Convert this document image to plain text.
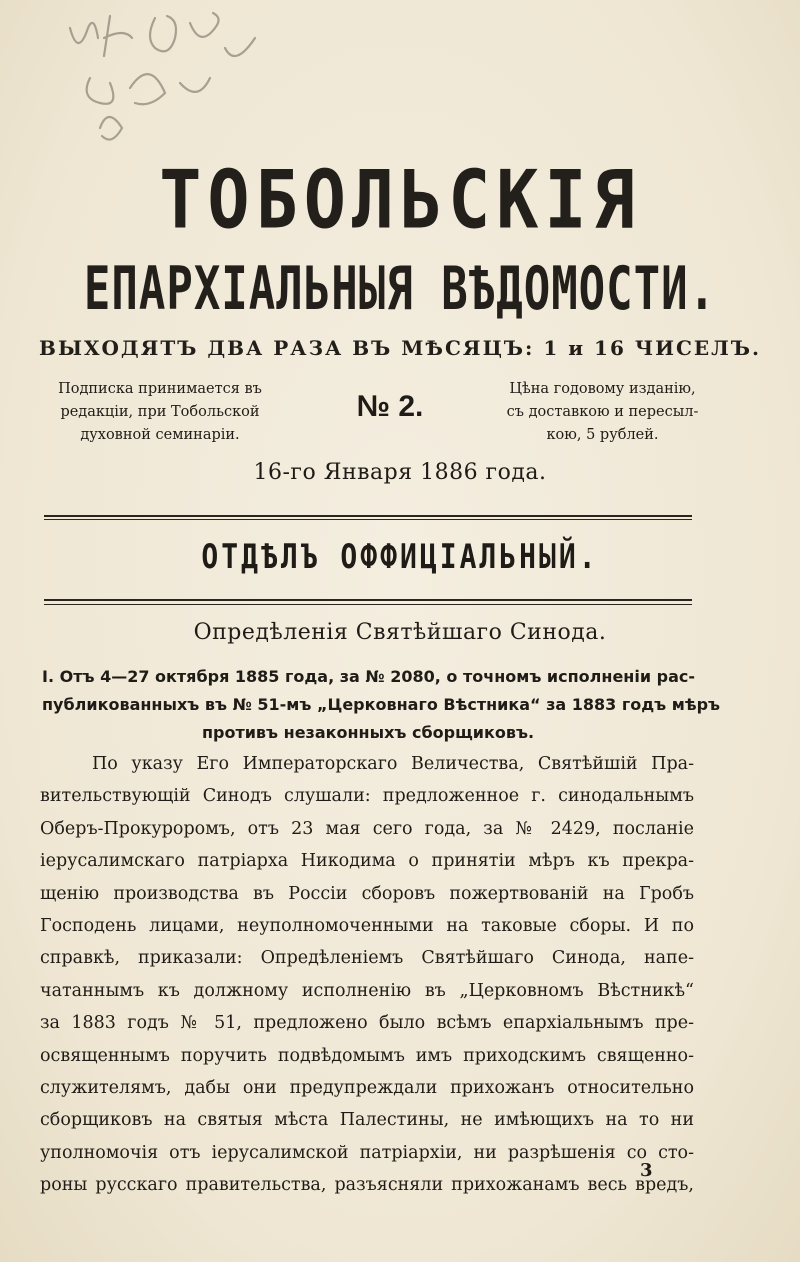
ТОБОЛЬСКІЯ
ЕПАРХІАЛЬНЫЯ ВѢДОМОСТИ.
ВЫХОДЯТЪ ДВА РАЗА ВЪ МѢСЯЦЪ: 1 и 16 ЧИСЕЛЪ.
Подписка принимается въ
редакціи, при Тобольской
духовной семинаріи.
№ 2.
Цѣна годовому изданію,
съ доставкою и пересыл-
кою, 5 рублей.
16-го Января 1886 года.
ОТДѢЛЪ ОФФИЦІАЛЬНЫЙ.
Опредѣленія Святѣйшаго Синода.
I. Отъ 4—27 октября 1885 года, за № 2080, о точномъ исполненіи рас-
публикованныхъ въ № 51-мъ „Церковнаго Вѣстника“ за 1883 годъ мѣръ
противъ незаконныхъ сборщиковъ.
По указу Его Императорскаго Величества, Святѣйшій Пра-
вительствующій Синодъ слушали: предложенное г. синодальнымъ
Оберъ-Прокуроромъ, отъ 23 мая сего года, за № 2429, посланіе
іерусалимскаго патріарха Никодима о принятіи мѣръ къ прекра-
щенію производства въ Россіи сборовъ пожертвованій на Гробъ
Господень лицами, неуполномоченными на таковые сборы. И по
справкѣ, приказали: Опредѣленіемъ Святѣйшаго Синода, напе-
чатаннымъ къ должному исполненію въ „Церковномъ Вѣстникѣ“
за 1883 годъ № 51, предложено было всѣмъ епархіальнымъ пре-
освященнымъ поручить подвѣдомымъ имъ приходскимъ священно-
служителямъ, дабы они предупреждали прихожанъ относительно
сборщиковъ на святыя мѣста Палестины, не имѣющихъ на то ни
уполномочія отъ іерусалимской патріархіи, ни разрѣшенія со сто-
роны русскаго правительства, разъясняли прихожанамъ весь вредъ,
3
